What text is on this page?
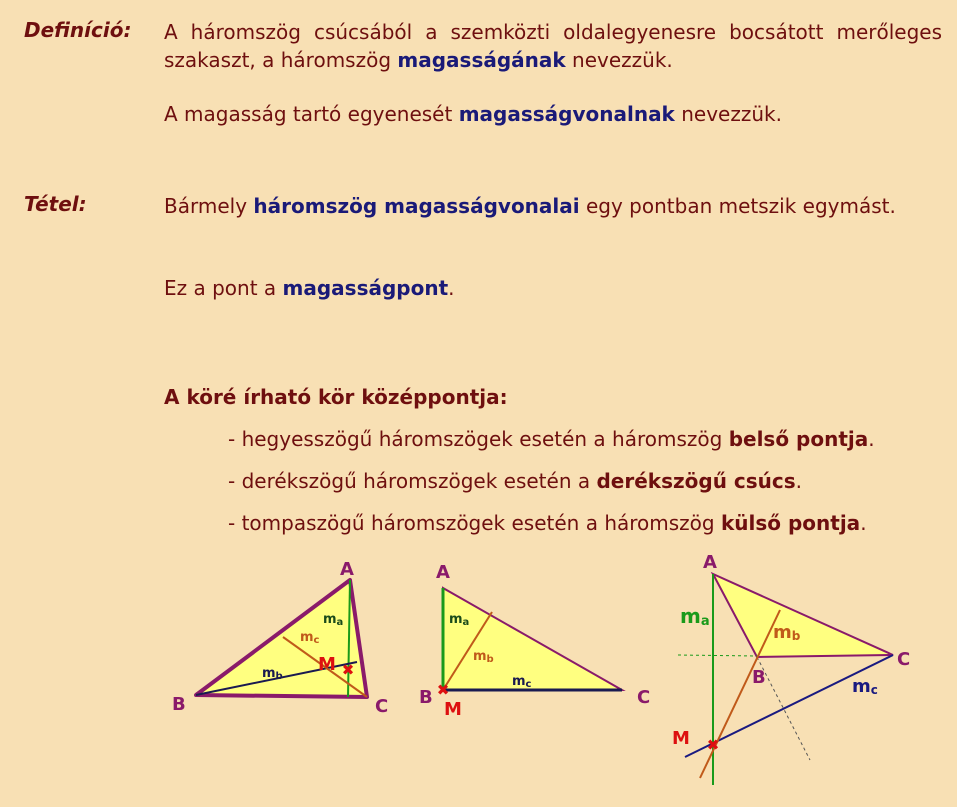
Definíció: A háromszög csúcsából a szemközti oldalegyenesre bocsátott merőleges szakaszt, a háromszög magasságának nevezzük.
A magasság tartó egyenesét magasságvonalnak nevezzük.
Tétel:	Bármely háromszög magasságvonalai egy pontban metszik egymást.
Ez a pont a magasságpont.
A köré írható kör középpontja:
- hegyesszögű háromszögek esetén a háromszög belső pontja.
- derékszögű háromszögek esetén a derékszögű csúcs.
- tompaszögű háromszögek esetén a háromszög külső pontja.
✖
A
B	C
M
ma
mb
mc
✖
A
B	C
M
ma
mb
mc
✖
A
B
C
M
ma
mb
mc
